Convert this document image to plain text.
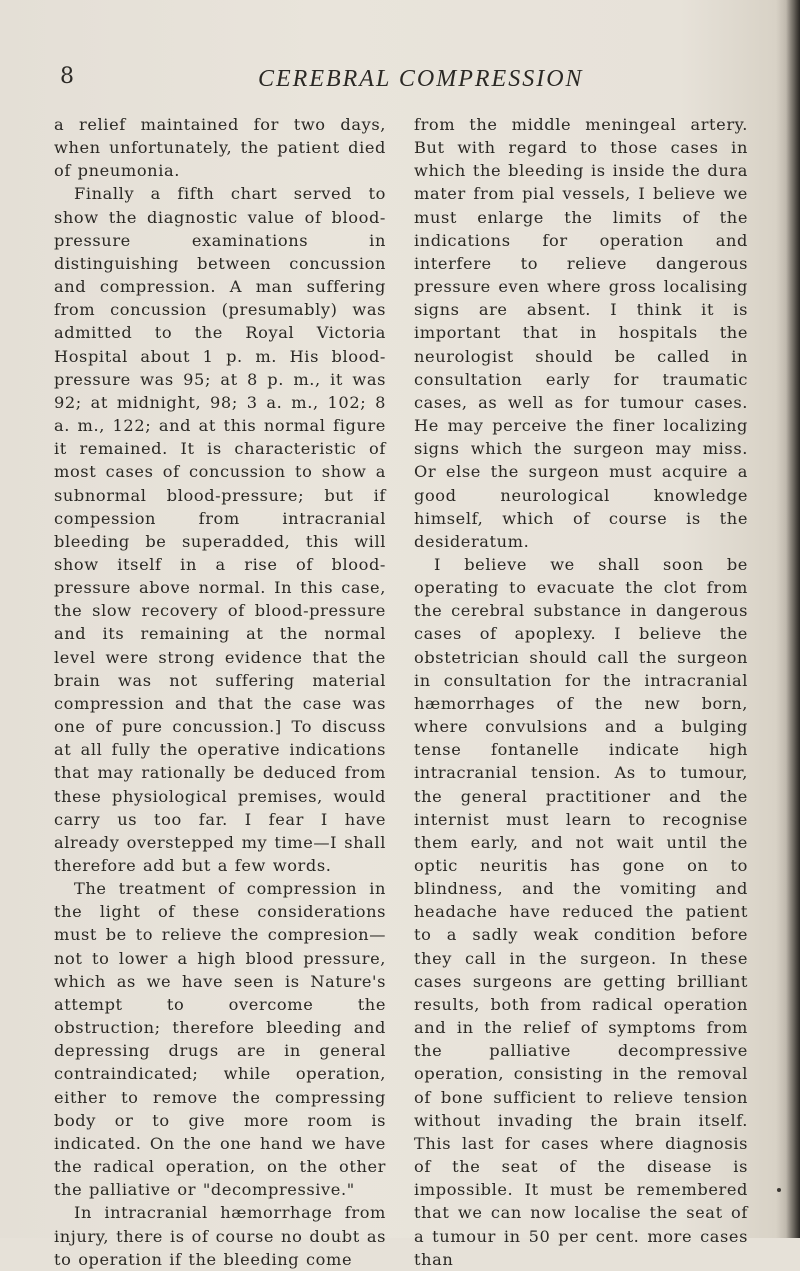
8	CEREBRAL COMPRESSION

a relief maintained for two days, when unfortunately, the patient died of pneumonia.

Finally a fifth chart served to show the diagnostic value of blood-pressure examinations in distinguishing between concussion and compression. A man suffering from concussion (presumably) was admitted to the Royal Victoria Hospital about 1 p. m. His blood-pressure was 95; at 8 p. m., it was 92; at midnight, 98; 3 a. m., 102; 8 a. m., 122; and at this normal figure it remained. It is characteristic of most cases of concussion to show a subnormal blood-pressure; but if compession from intracranial bleeding be superadded, this will show itself in a rise of blood-pressure above normal. In this case, the slow recovery of blood-pressure and its remaining at the normal level were strong evidence that the brain was not suffering material compression and that the case was one of pure concussion.] To discuss at all fully the operative indications that may rationally be deduced from these physiological premises, would carry us too far. I fear I have already overstepped my time—I shall therefore add but a few words.

The treatment of compression in the light of these considerations must be to relieve the compresion—not to lower a high blood pressure, which as we have seen is Nature's attempt to overcome the obstruction; therefore bleeding and depressing drugs are in general contraindicated; while operation, either to remove the compressing body or to give more room is indicated. On the one hand we have the radical operation, on the other the palliative or "decompressive."

In intracranial hæmorrhage from injury, there is of course no doubt as to operation if the bleeding come

from the middle meningeal artery. But with regard to those cases in which the bleeding is inside the dura mater from pial vessels, I believe we must enlarge the limits of the indications for operation and interfere to relieve dangerous pressure even where gross localising signs are absent. I think it is important that in hospitals the neurologist should be called in consultation early for traumatic cases, as well as for tumour cases. He may perceive the finer localizing signs which the surgeon may miss. Or else the surgeon must acquire a good neurological knowledge himself, which of course is the desideratum.

I believe we shall soon be operating to evacuate the clot from the cerebral substance in dangerous cases of apoplexy. I believe the obstetrician should call the surgeon in consultation for the intracranial hæmorrhages of the new born, where convulsions and a bulging tense fontanelle indicate high intracranial tension. As to tumour, the general practitioner and the internist must learn to recognise them early, and not wait until the optic neuritis has gone on to blindness, and the vomiting and headache have reduced the patient to a sadly weak condition before they call in the surgeon. In these cases surgeons are getting brilliant results, both from radical operation and in the relief of symptoms from the palliative decompressive operation, consisting in the removal of bone sufficient to relieve tension without invading the brain itself. This last for cases where diagnosis of the seat of the disease is impossible. It must be remembered that we can now localise the seat of a tumour in 50 per cent. more cases than
